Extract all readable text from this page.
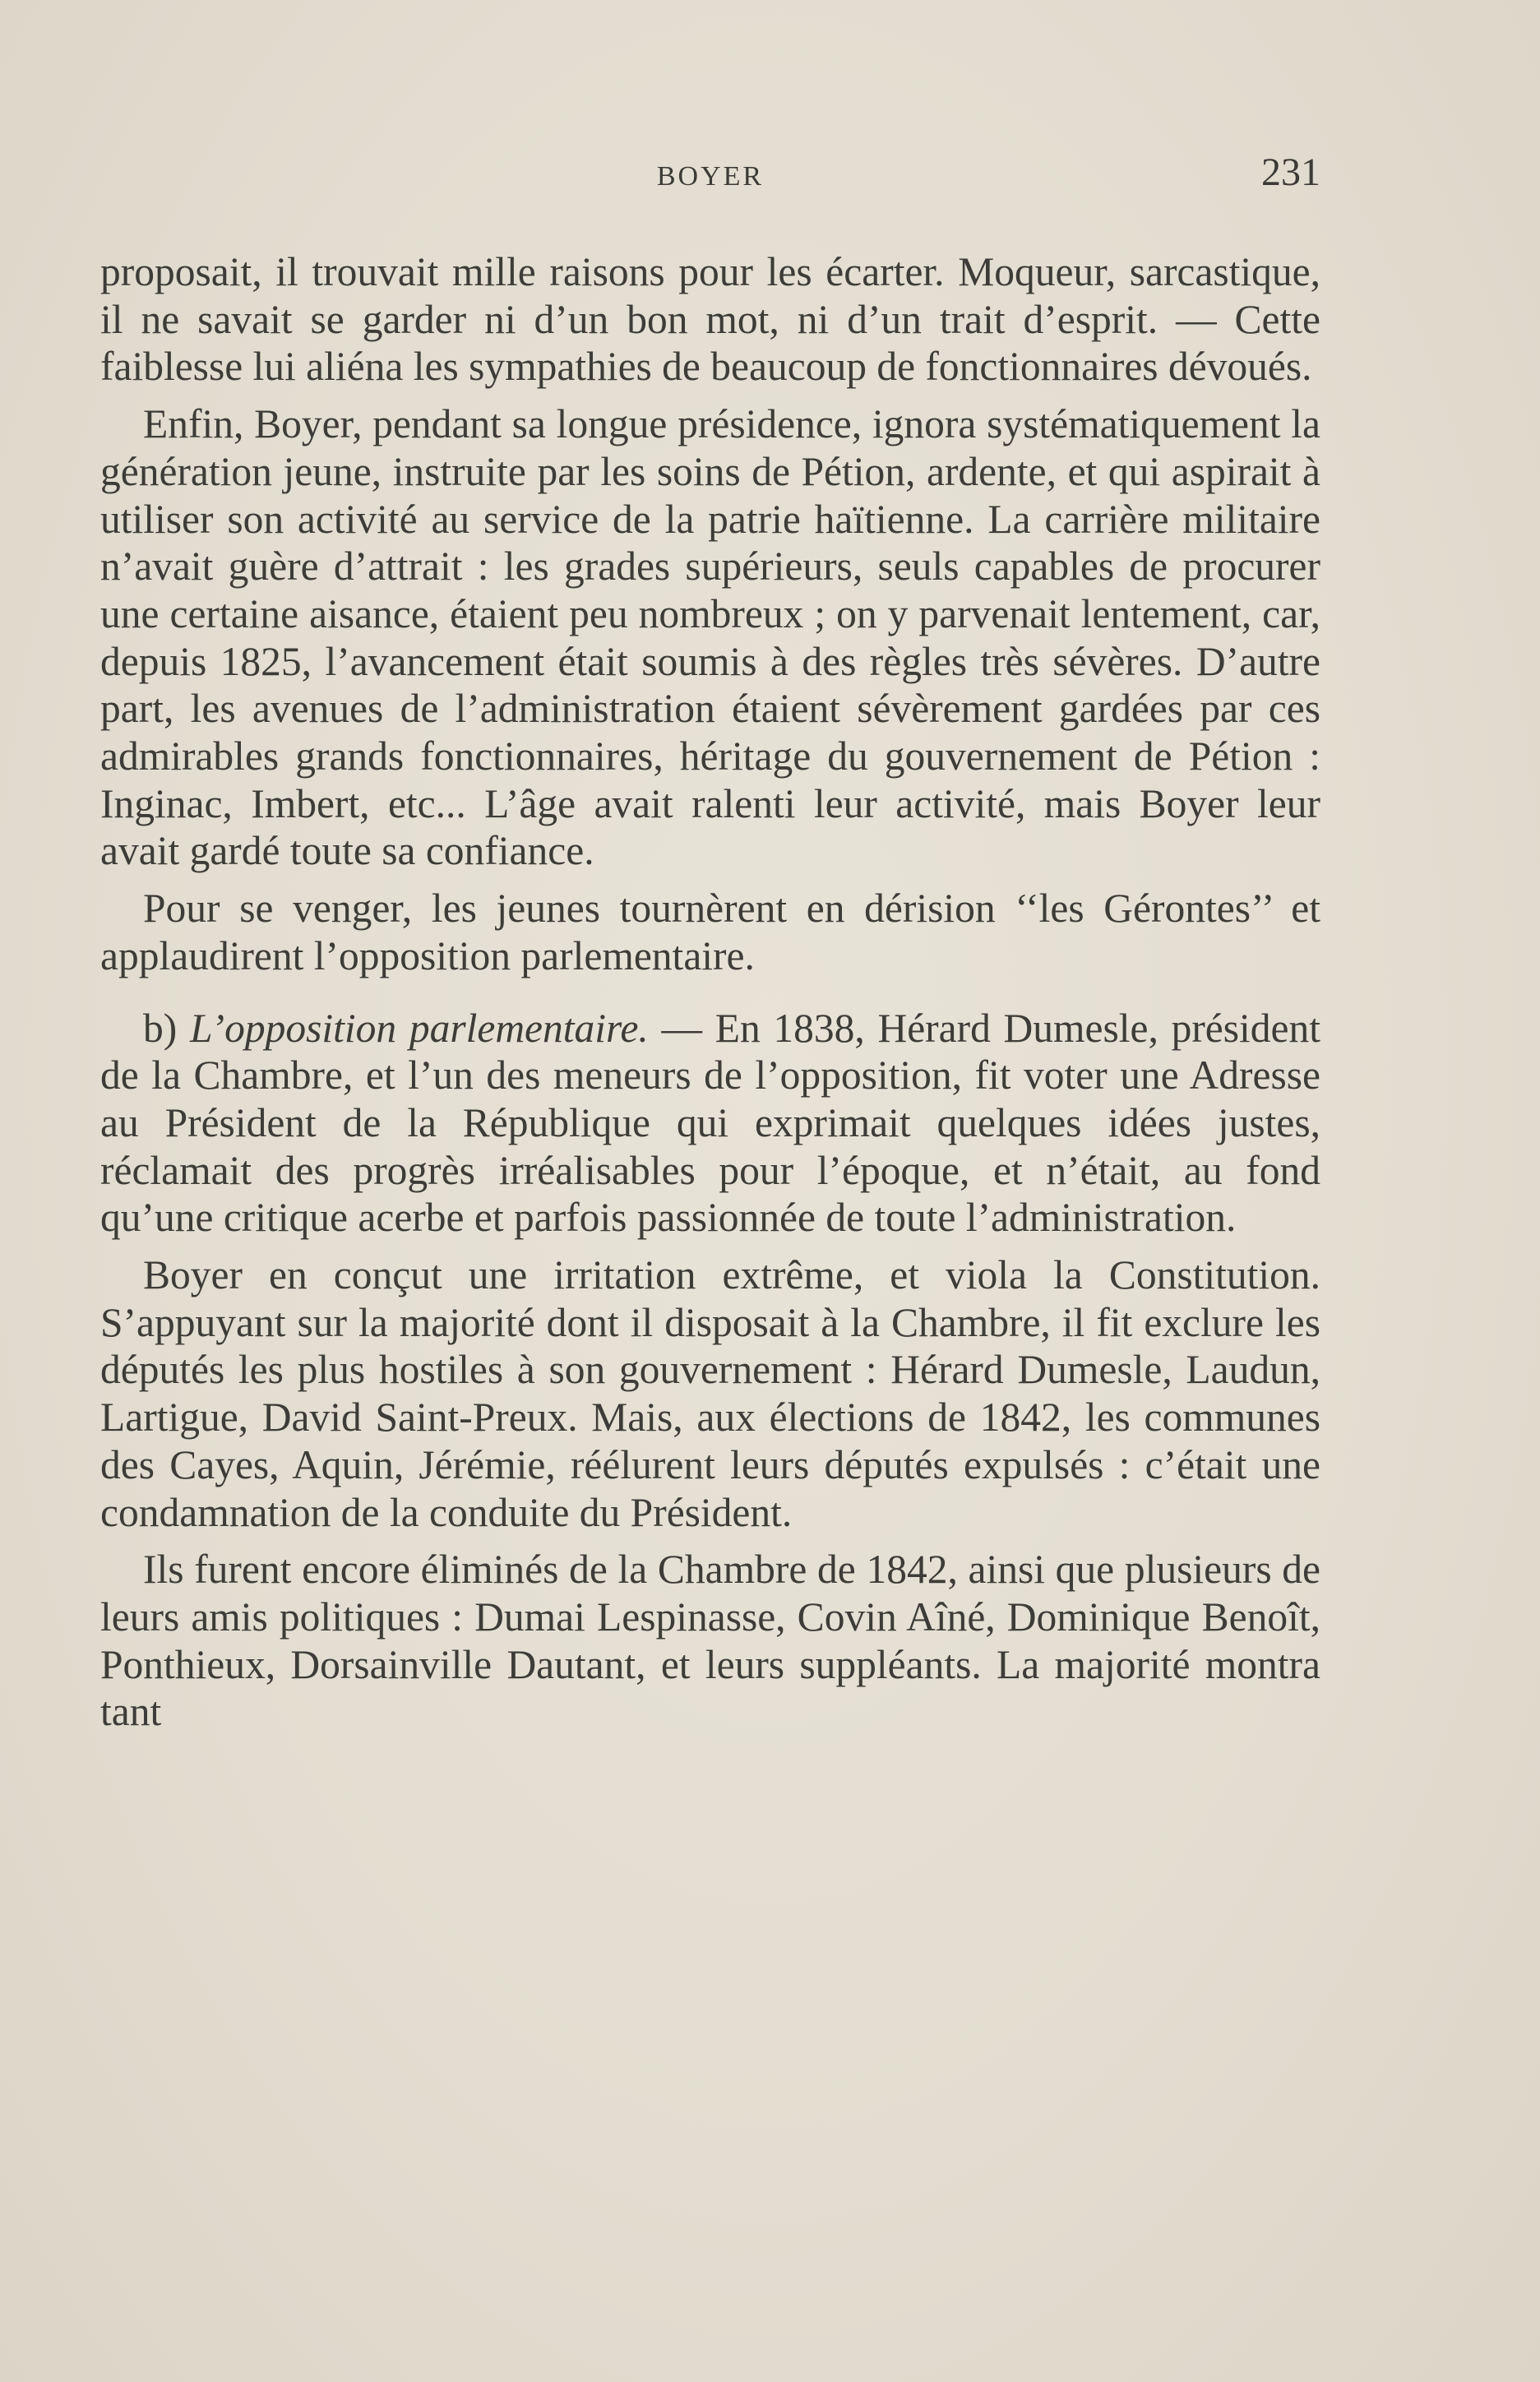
BOYER	231

proposait, il trouvait mille raisons pour les écarter. Moqueur, sarcastique, il ne savait se garder ni d’un bon mot, ni d’un trait d’esprit. — Cette faiblesse lui aliéna les sympathies de beaucoup de fonctionnaires dévoués.

Enfin, Boyer, pendant sa longue présidence, ignora systématiquement la génération jeune, instruite par les soins de Pétion, ardente, et qui aspirait à utiliser son activité au service de la patrie haïtienne. La carrière militaire n’avait guère d’attrait : les grades supérieurs, seuls capables de procurer une certaine aisance, étaient peu nombreux ; on y parvenait lentement, car, depuis 1825, l’avancement était soumis à des règles très sévères. D’autre part, les avenues de l’administration étaient sévèrement gardées par ces admirables grands fonctionnaires, héritage du gouvernement de Pétion : Inginac, Imbert, etc... L’âge avait ralenti leur activité, mais Boyer leur avait gardé toute sa confiance.

Pour se venger, les jeunes tournèrent en dérision ‘‘les Gérontes’’ et applaudirent l’opposition parlementaire.

b) L’opposition parlementaire. — En 1838, Hérard Dumesle, président de la Chambre, et l’un des meneurs de l’opposition, fit voter une Adresse au Président de la République qui exprimait quelques idées justes, réclamait des progrès irréalisables pour l’époque, et n’était, au fond qu’une critique acerbe et parfois passionnée de toute l’administration.

Boyer en conçut une irritation extrême, et viola la Constitution. S’appuyant sur la majorité dont il disposait à la Chambre, il fit exclure les députés les plus hostiles à son gouvernement : Hérard Dumesle, Laudun, Lartigue, David Saint-Preux. Mais, aux élections de 1842, les communes des Cayes, Aquin, Jérémie, réélurent leurs députés expulsés : c’était une condamnation de la conduite du Président.

Ils furent encore éliminés de la Chambre de 1842, ainsi que plusieurs de leurs amis politiques : Dumai Lespinasse, Covin Aîné, Dominique Benoît, Ponthieux, Dorsainville Dautant, et leurs suppléants. La majorité montra tant
